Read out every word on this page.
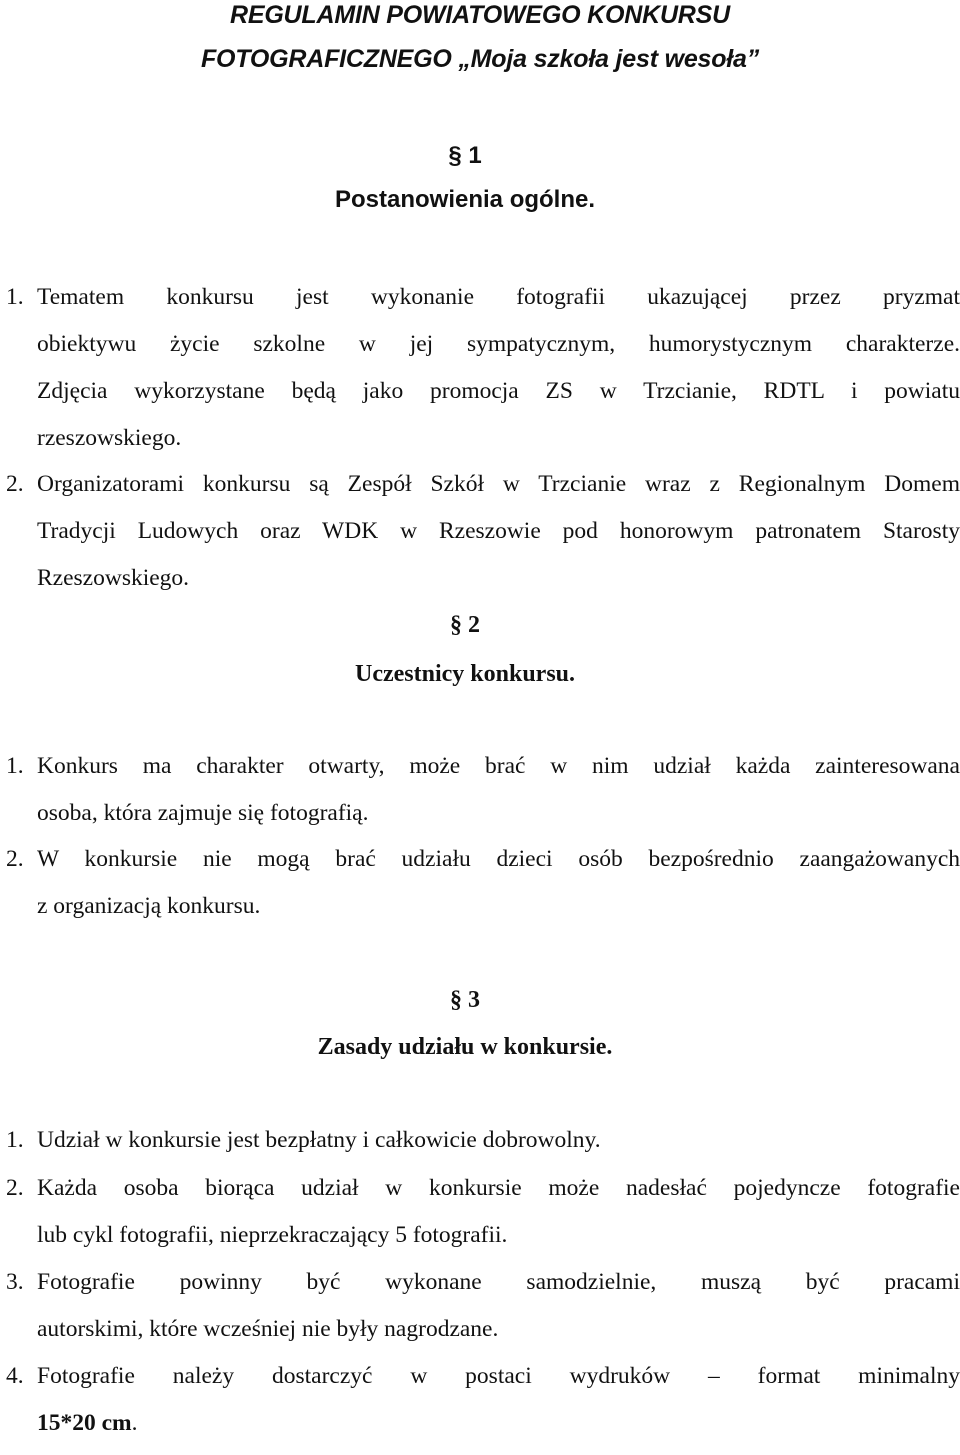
REGULAMIN POWIATOWEGO KONKURSU
FOTOGRAFICZNEGO „Moja szkoła jest wesoła”
§ 1
Postanowienia ogólne.
1. Tematem konkursu jest wykonanie fotografii ukazującej przez pryzmat
obiektywu życie szkolne w jej sympatycznym, humorystycznym charakterze.
Zdjęcia wykorzystane będą jako promocja ZS w Trzcianie, RDTL i powiatu
rzeszowskiego.
2. Organizatorami konkursu są Zespół Szkół w Trzcianie wraz z Regionalnym Domem
Tradycji Ludowych oraz WDK w Rzeszowie pod honorowym patronatem Starosty
Rzeszowskiego.
§ 2
Uczestnicy konkursu.
1. Konkurs ma charakter otwarty, może brać w nim udział każda zainteresowana
osoba, która zajmuje się fotografią.
2. W konkursie nie mogą brać udziału dzieci osób bezpośrednio zaangażowanych
z organizacją konkursu.
§ 3
Zasady udziału w konkursie.
1. Udział w konkursie jest bezpłatny i całkowicie dobrowolny.
2. Każda osoba biorąca udział w konkursie może nadesłać pojedyncze fotografie
lub cykl fotografii, nieprzekraczający 5 fotografii.
3. Fotografie powinny być wykonane samodzielnie, muszą być pracami
autorskimi, które wcześniej nie były nagrodzane.
4. Fotografie należy dostarczyć w postaci wydruków – format minimalny
15*20 cm.
